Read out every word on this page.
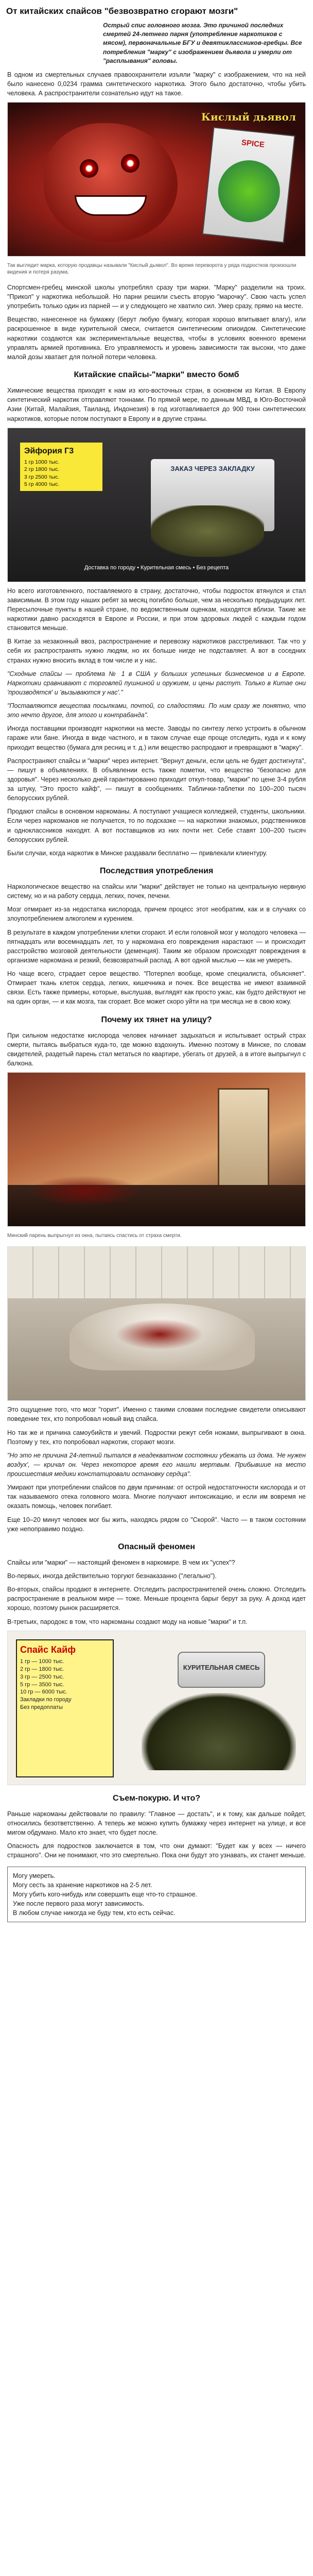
От китайских спайсов "безвозвратно сгорают мозги"
Острый спис головного мозга. Это причиной последних смертей 24-летнего парня (употребление наркотиков с мясом), первоначальные БГУ и девятиклассников-гребцы. Все потребления "марку" с изображением дьявола и умерли от "расплывания" головы.

В одном из смертельных случаев правоохранители изъяли "марку" с изображением, что на ней было нанесено 0,0234 грамма синтетического наркотика. Этого было достаточно, чтобы убить человека. А распространители сознательно идут на такое.

SPICE
Кислый дьявол
Так выглядит марка, которую продавцы называли "Кислый дьявол". Во время переворота у ряда подростков произошли видения и потеря разума.

Спортсмен-гребец минской школы употреблял сразу три марки. "Марку" разделили на троих. "Прикол" у наркотика небольшой. Но парни решили съесть вторую "марочку". Свою часть успел употребить только один из парней — и у следующего не хватило сил. Умер сразу, прямо на месте.

Вещество, нанесенное на бумажку (берут любую бумагу, которая хорошо впитывает влагу), или раскрошенное в виде курительной смеси, считается синтетическим опиоидом. Синтетические наркотики создаются как экспериментальные вещества, чтобы в условиях военного времени управлять армией противника. Его управляемость и уровень зависимости так высоки, что даже малой дозы хватает для полной потери человека.

Китайские спайсы-"марки" вместо бомб

Химические вещества приходят к нам из юго-восточных стран, в основном из Китая. В Европу синтетический наркотик отправляют тоннами. По прямой мере, по данным МВД, в Юго-Восточной Азии (Китай, Малайзия, Таиланд, Индонезия) в год изготавливается до 900 тонн синтетических наркотиков, которые потом поступают в Европу и в другие страны.

Эйфория Г3
1 гр 1000 тыс.
2 гр 1800 тыс.
3 гр 2500 тыс.
5 гр 4000 тыс.
ЗАКАЗ ЧЕРЕЗ ЗАКЛАДКУ
Доставка по городу • Курительная смесь • Без рецепта

Но всего изготовленного, поставляемого в страну, достаточно, чтобы подросток втянулся и стал зависимым. В этом году наших ребят за месяц погибло больше, чем за несколько предыдущих лет. Пересылочные пункты в нашей стране, по ведомственным оценкам, находятся вблизи. Такие же наркотики давно расходятся в Европе и России, и при этом здоровых людей с каждым годом становится меньше.

В Китае за незаконный ввоз, распространение и перевозку наркотиков расстреливают. Так что у себя их распространять нужно людям, но их больше нигде не подставляет. А вот в соседних странах нужно вносить вклад в том числе и у нас.

"Сходные спайсы — проблема № 1 в США у больших успешных бизнесменов и в Европе. Наркотики сравнивают с торговлей пушниной и оружием, и цены растут. Только в Китае они 'производятся' и 'вызываются у нас'."

"Поставляются вещества посылками, почтой, со сладостями. По ним сразу же понятно, что это нечто другое, для этого и контрабанда".

Иногда поставщики производят наркотики на месте. Заводы по синтезу легко устроить в обычном гараже или бане. Иногда в виде частного, и в таком случае еще проще отследить, куда и к кому приходит вещество (бумага для ресниц и т. д.) или вещество распродают и превращают в "марку".

Распространяют спайсы и "марки" через интернет. "Вернут деньги, если цель не будет достигнута", — пишут в объявлениях. В объявлении есть также пометки, что вещество "безопасно для здоровья". Через несколько дней гарантированно приходит откуп-товар, "марки" по цене 3-4 рубля за штуку, "Это просто кайф", — пишут в сообщениях. Таблички-таблетки по 100–200 тысяч белорусских рублей.

Продают спайсы в основном наркоманы. А поступают учащиеся колледжей, студенты, школьники. Если через наркоманов не получается, то по подсказке — на наркотики знакомых, родственников и одноклассников находят. А вот поставщиков из них почти нет. Себе ставят 100–200 тысяч белорусских рублей.

Были случаи, когда наркотик в Минске раздавали бесплатно — привлекали клиентуру.

Последствия употребления

Наркологическое вещество на спайсы или "марки" действует не только на центральную нервную систему, но и на работу сердца, легких, почек, печени.

Мозг отмирает из-за недостатка кислорода, причем процесс этот необратим, как и в случаях со злоупотреблением алкоголем и курением.

В результате в каждом употреблении клетки сгорают. И если головной мозг у молодого человека — пятнадцать или восемнадцать лет, то у наркомана его повреждения нарастают — и происходит расстройство мозговой деятельности (деменция). Таким же образом происходят повреждения в организме наркомана и резкий, безвозвратный распад. А вот одной мыслью — как не умереть.

Но чаще всего, страдает серое вещество. "Потерпел вообще, кроме специалиста, объясняет". Отмирает ткань клеток сердца, легких, кишечника и почек. Все вещества не имеют взаимной связи. Есть также примеры, которые, выслушав, выглядят как просто ужас, как будто действуют не на один орган, — и как мозга, так сгорает. Все может скоро уйти на три месяца не в свою кожу.

Почему их тянет на улицу?

При сильном недостатке кислорода человек начинает задыхаться и испытывает острый страх смерти, пытаясь выбраться куда-то, где можно вздохнуть. Именно поэтому в Минске, по словам свидетелей, раздетый парень стал метаться по квартире, убегать от друзей, а в итоге выпрыгнул с балкона.

Минский парень выпрыгнул из окна, пытаясь спастись от страха смерти.

Это ощущение того, что мозг "горит". Именно с такими словами последние свидетели описывают поведение тех, кто попробовал новый вид спайса.

Но так же и причина самоубийств и увечий. Подростки режут себя ножами, выпрыгивают в окна. Поэтому у тех, кто попробовал наркотик, сгорают мозги.

"Но это не причина 24-летний пытался в неадекватном состоянии убежать из дома. 'Не нужен воздух', — кричал он. Через некоторое время его нашли мертвым. Прибывшие на место происшествия медики констатировали остановку сердца".

Умирают при употреблении спайсов по двум причинам: от острой недостаточности кислорода и от так называемого отека головного мозга. Многие получают интоксикацию, и если им вовремя не оказать помощь, человек погибает.

Еще 10–20 минут человек мог бы жить, находясь рядом со "Скорой". Часто — в таком состоянии уже непоправимо поздно.

Опасный феномен

Спайсы или "марки" — настоящий феномен в наркомире. В чем их "успех"?

Во-первых, иногда действительно торгуют безнаказанно ("легально").

Во-вторых, спайсы продают в интернете. Отследить распространителей очень сложно. Отследить распространение в реальном мире — тоже. Меньше процента барыг берут за руку. А доход идет хорошо, поэтому рынок расширяется.

В-третьих, пародокс в том, что наркоманы создают моду на новые "марки" и т.п.

Спайс Кайф
1 гр — 1000 тыс.
2 гр — 1800 тыс.
3 гр — 2500 тыс.
5 гр — 3500 тыс.
10 гр — 6000 тыс.
Закладки по городу
Без предоплаты
КУРИТЕЛЬНАЯ СМЕСЬ
Съем-покурю. И что?

Раньше наркоманы действовали по правилу: "Главное — достать", и к тому, как дальше пойдет, относились безответственно. А теперь же можно купить бумажку через интернет на улице, и все мигом обдумано. Мало кто знает, что будет после.

Опасность для подростков заключается в том, что они думают: "Будет как у всех — ничего страшного". Они не понимают, что это смертельно. Пока они будут это узнавать, их станет меньше.

Могу умереть.
Могу сесть за хранение наркотиков на 2-5 лет.
Могу убить кого-нибудь или совершить еще что-то страшное.
Уже после первого раза могут зависимость.
В любом случае никогда не буду тем, кто есть сейчас.
